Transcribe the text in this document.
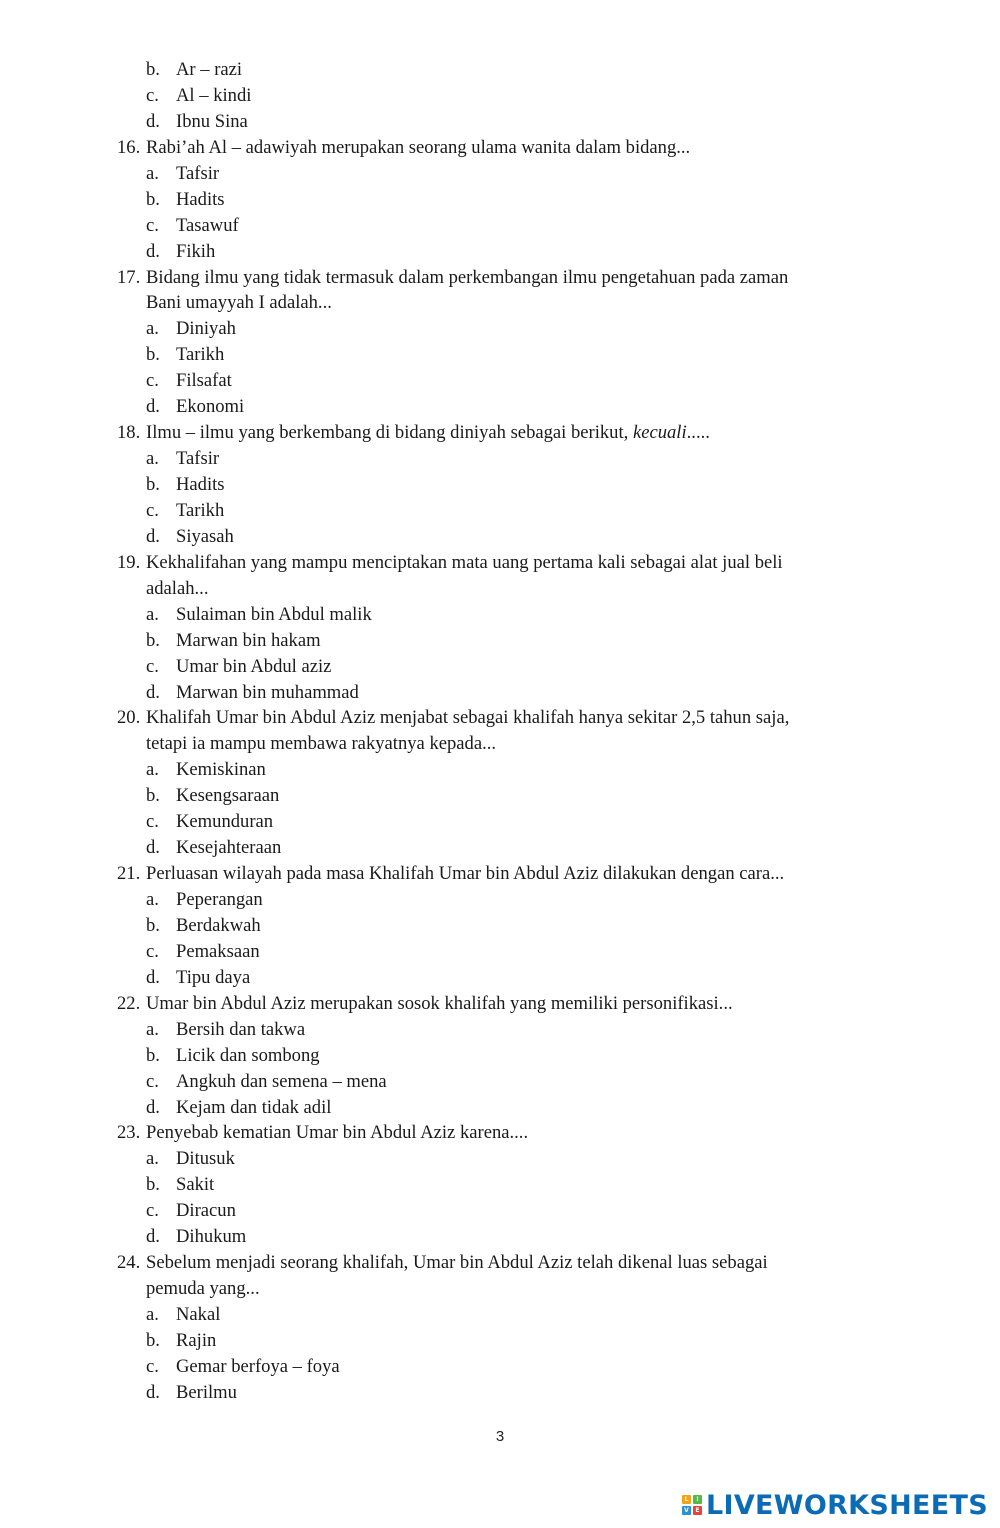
b. Ar – razi
c. Al – kindi
d. Ibnu Sina
16. Rabi’ah Al – adawiyah merupakan seorang ulama wanita dalam bidang...
a. Tafsir
b. Hadits
c. Tasawuf
d. Fikih
17. Bidang ilmu yang tidak termasuk dalam perkembangan ilmu pengetahuan pada zaman
Bani umayyah I adalah...
a. Diniyah
b. Tarikh
c. Filsafat
d. Ekonomi
18. Ilmu – ilmu yang berkembang di bidang diniyah sebagai berikut, kecuali.....
a. Tafsir
b. Hadits
c. Tarikh
d. Siyasah
19. Kekhalifahan yang mampu menciptakan mata uang pertama kali sebagai alat jual beli
adalah...
a. Sulaiman bin Abdul malik
b. Marwan bin hakam
c. Umar bin Abdul aziz
d. Marwan bin muhammad
20. Khalifah Umar bin Abdul Aziz menjabat sebagai khalifah hanya sekitar 2,5 tahun saja,
tetapi ia mampu membawa rakyatnya kepada...
a. Kemiskinan
b. Kesengsaraan
c. Kemunduran
d. Kesejahteraan
21. Perluasan wilayah pada masa Khalifah Umar bin Abdul Aziz dilakukan dengan cara...
a. Peperangan
b. Berdakwah
c. Pemaksaan
d. Tipu daya
22. Umar bin Abdul Aziz merupakan sosok khalifah yang memiliki personifikasi...
a. Bersih dan takwa
b. Licik dan sombong
c. Angkuh dan semena – mena
d. Kejam dan tidak adil
23. Penyebab kematian Umar bin Abdul Aziz karena....
a. Ditusuk
b. Sakit
c. Diracun
d. Dihukum
24. Sebelum menjadi seorang khalifah, Umar bin Abdul Aziz telah dikenal luas sebagai
pemuda yang...
a. Nakal
b. Rajin
c. Gemar berfoya – foya
d. Berilmu
3
L	I
V	E LIVEWORKSHEETS
